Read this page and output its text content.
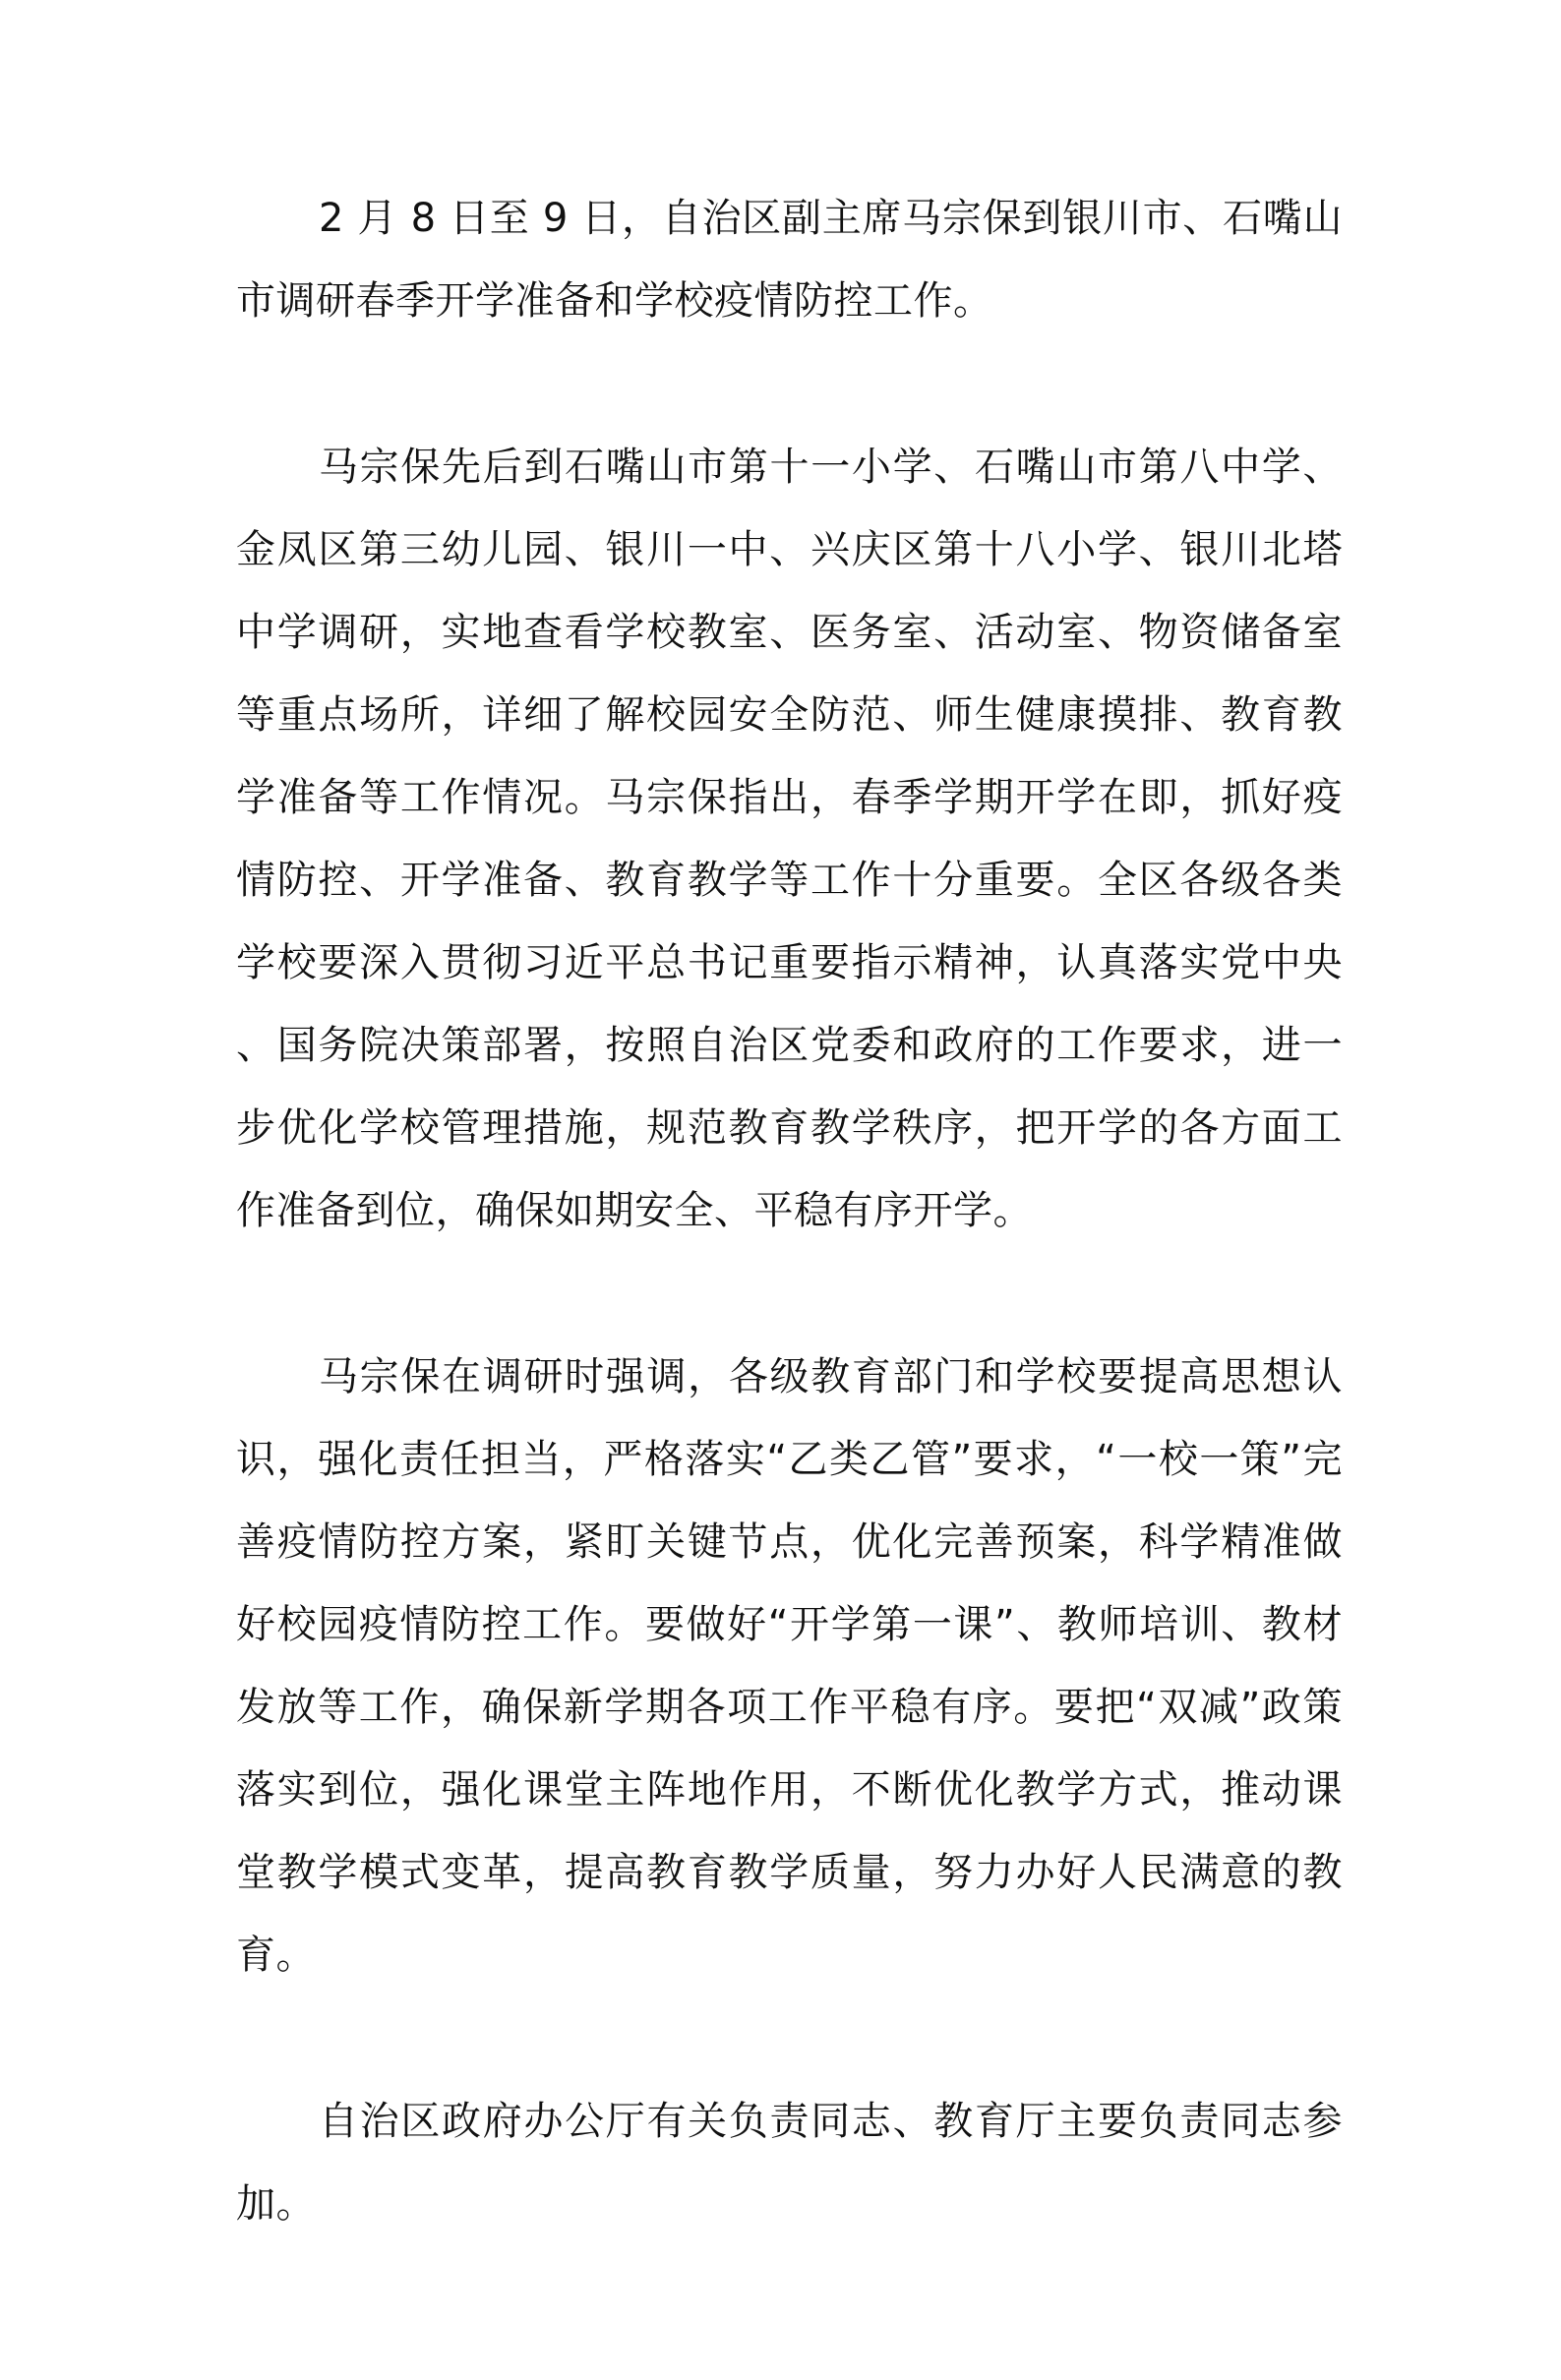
2 月 8 日至 9 日，自治区副主席马宗保到银川市、石嘴山市调研春季开学准备和学校疫情防控工作。

马宗保先后到石嘴山市第十一小学、石嘴山市第八中学、金凤区第三幼儿园、银川一中、兴庆区第十八小学、银川北塔中学调研，实地查看学校教室、医务室、活动室、物资储备室等重点场所，详细了解校园安全防范、师生健康摸排、教育教学准备等工作情况。马宗保指出，春季学期开学在即，抓好疫情防控、开学准备、教育教学等工作十分重要。全区各级各类学校要深入贯彻习近平总书记重要指示精神，认真落实党中央、国务院决策部署，按照自治区党委和政府的工作要求，进一步优化学校管理措施，规范教育教学秩序，把开学的各方面工作准备到位，确保如期安全、平稳有序开学。

马宗保在调研时强调，各级教育部门和学校要提高思想认识，强化责任担当，严格落实“乙类乙管”要求，“一校一策”完善疫情防控方案，紧盯关键节点，优化完善预案，科学精准做好校园疫情防控工作。要做好“开学第一课”、教师培训、教材发放等工作，确保新学期各项工作平稳有序。要把“双减”政策落实到位，强化课堂主阵地作用，不断优化教学方式，推动课堂教学模式变革，提高教育教学质量，努力办好人民满意的教育。

自治区政府办公厅有关负责同志、教育厅主要负责同志参加。
